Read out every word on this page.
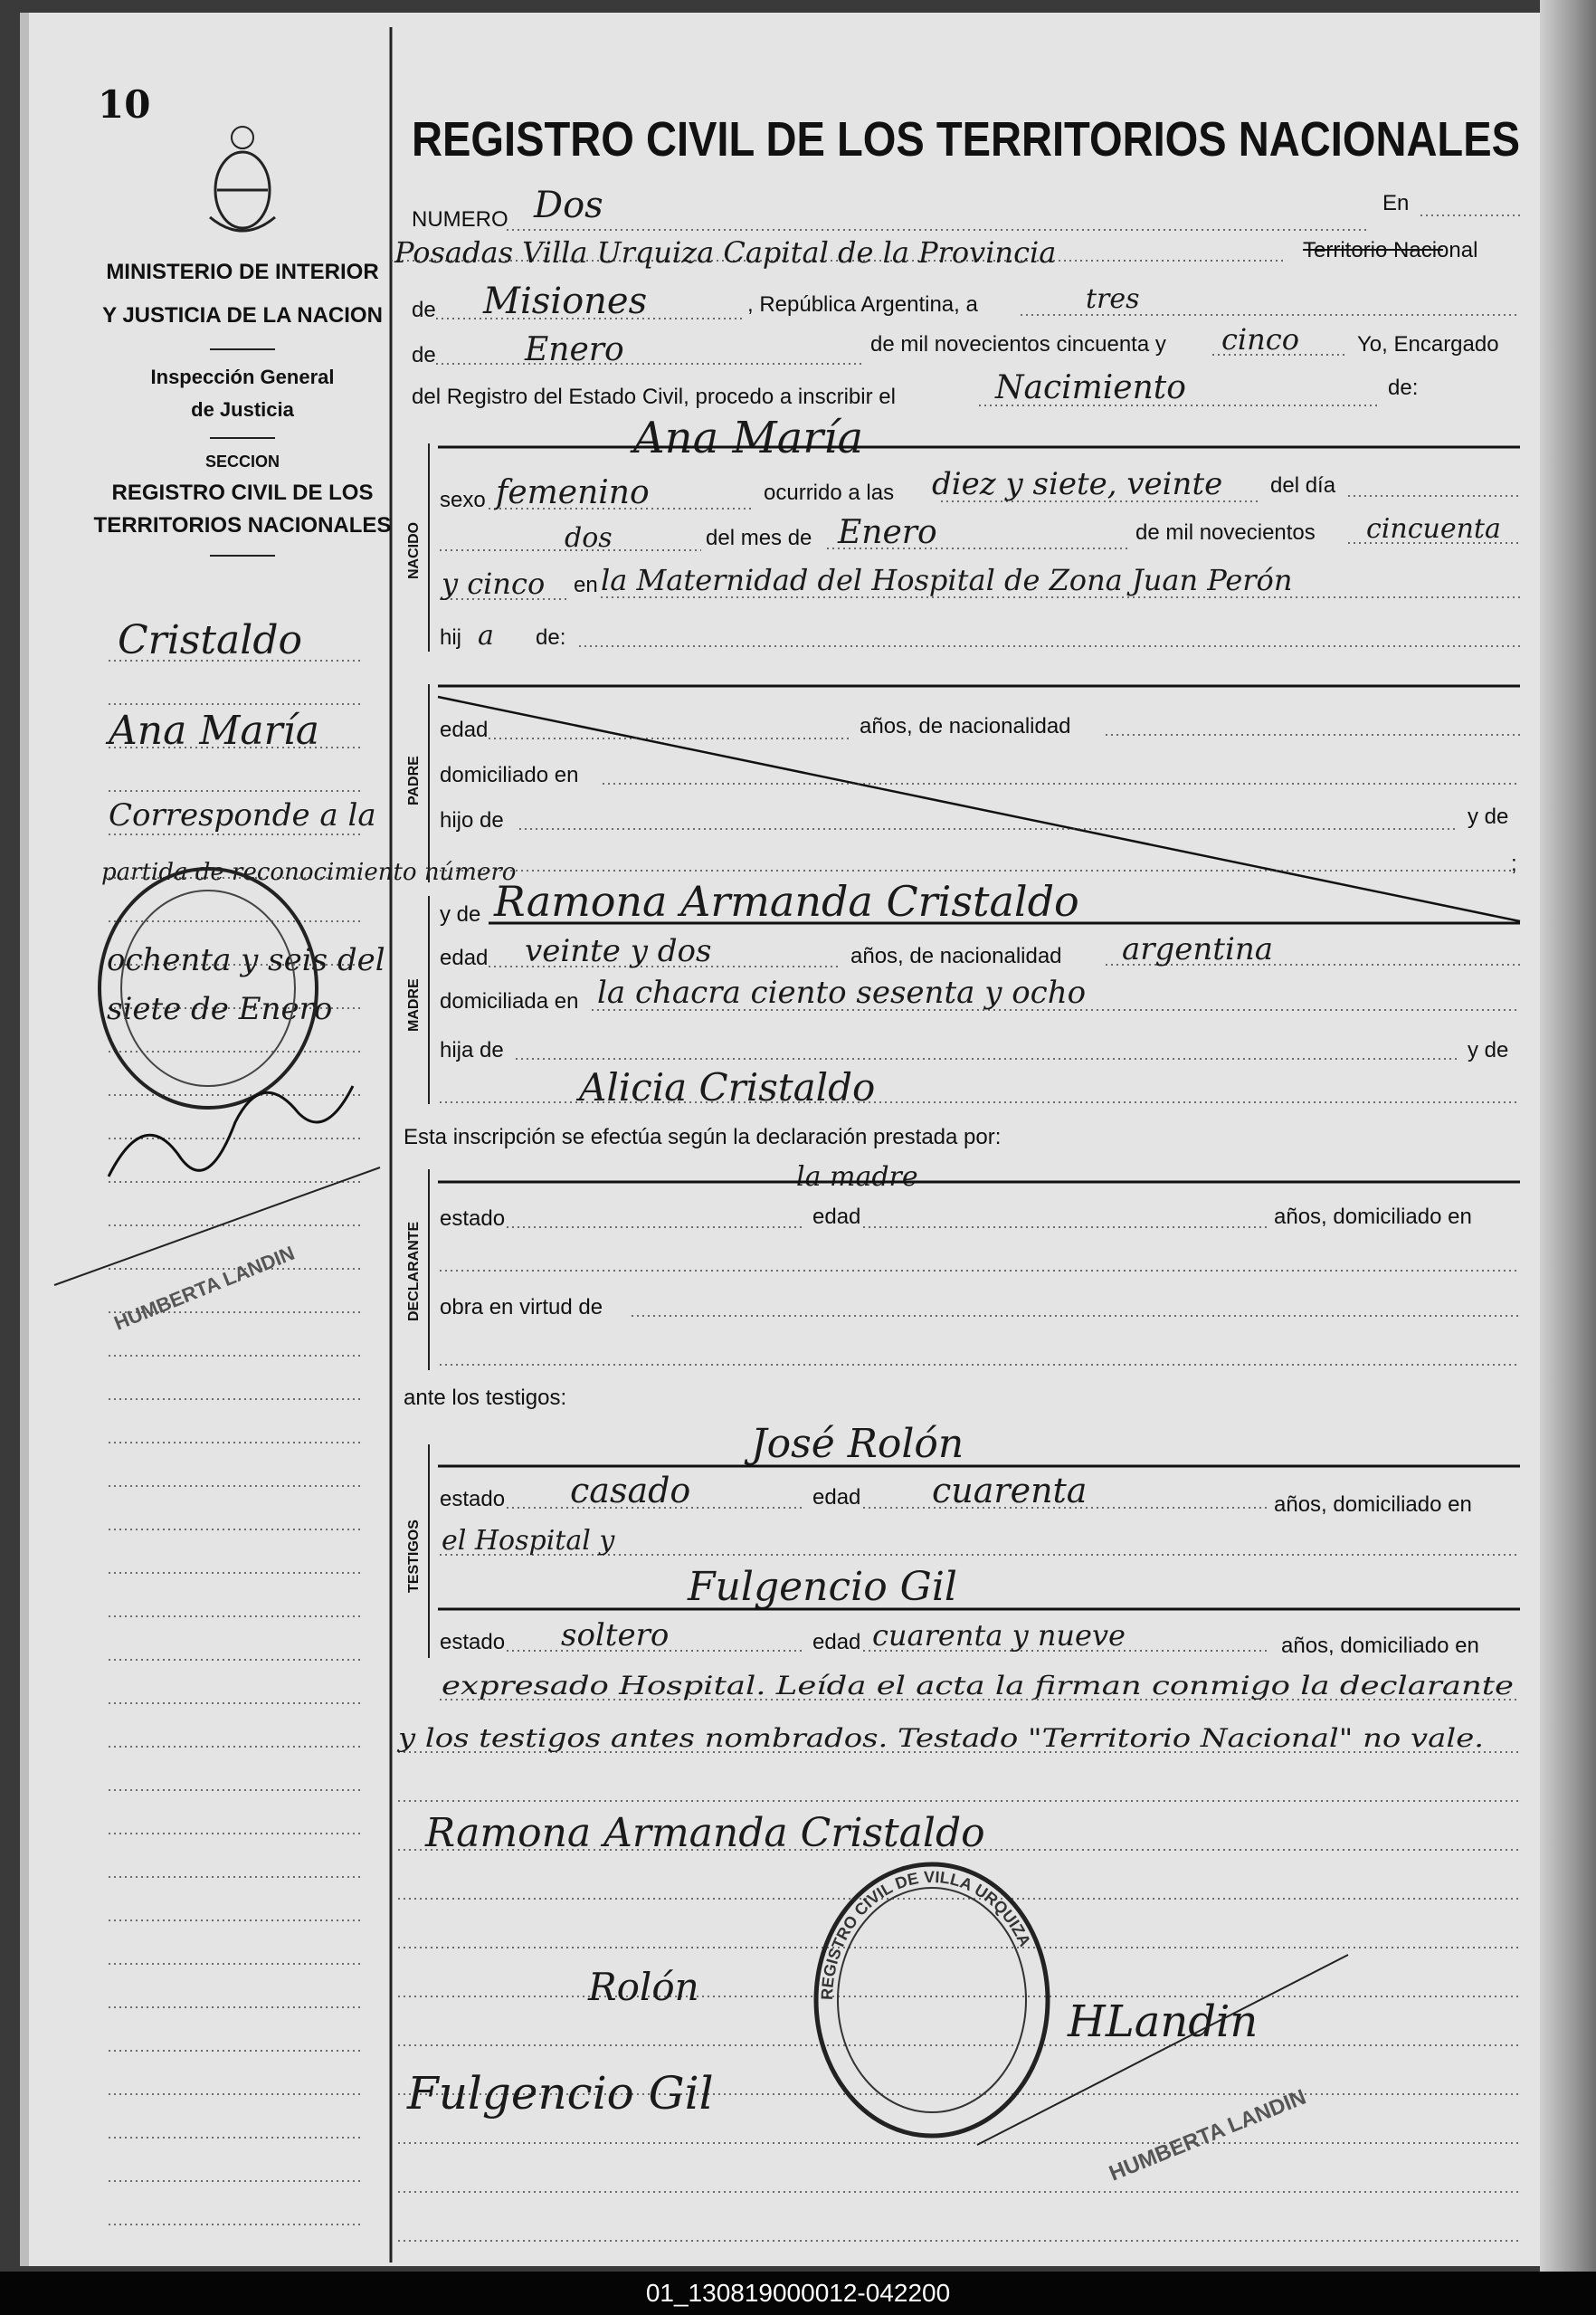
10
MINISTERIO DE INTERIOR
Y JUSTICIA DE LA NACION
Inspección General
de Justicia
SECCION
REGISTRO CIVIL DE LOS
TERRITORIOS NACIONALES
Cristaldo
Ana María
Corresponde a la
partida de reconocimiento número
ochenta y seis del
siete de Enero
HUMBERTA LANDIN
REGISTRO CIVIL DE LOS TERRITORIOS NACIONALES
NUMERO Dos	En
Posadas Villa Urquiza Capital de la Provincia	Territorio Nacional
de Misiones	, República Argentina, a	tres
de	Enero	de mil novecientos cincuenta y cinco	Yo, Encargado
del Registro del Estado Civil, procedo a inscribir el	Nacimiento	de:
NACIDO
Ana María
sexo femenino	ocurrido a las diez y siete, veinte del día
dos	del mes de Enero	de mil novecientos cincuenta
y cinco en la Maternidad del Hospital de Zona Juan Perón
hij a de:
PADRE
edad	años, de nacionalidad
domiciliado en
hijo de	y de
;
MADRE
y de Ramona Armanda Cristaldo
edad veinte y dos	años, de nacionalidad argentina
domiciliada en la chacra ciento sesenta y ocho
hija de	y de
Alicia Cristaldo
Esta inscripción se efectúa según la declaración prestada por:
la madre
DECLARANTE
estado	edad	años, domiciliado en
obra en virtud de
ante los testigos:
TESTIGOS
José Rolón
estado casado	edad cuarenta	años, domiciliado en
el Hospital y
Fulgencio Gil
estado soltero	edad cuarenta y nueve	años, domiciliado en
expresado Hospital. Leída el acta la firman conmigo la declarante
y los testigos antes nombrados. Testado "Territorio Nacional" no vale.
Ramona Armanda Cristaldo
Rolón
Fulgencio Gil
REGISTRO CIVIL DE VILLA URQUIZA
HLandin
HUMBERTA LANDIN
01_130819000012-042200
